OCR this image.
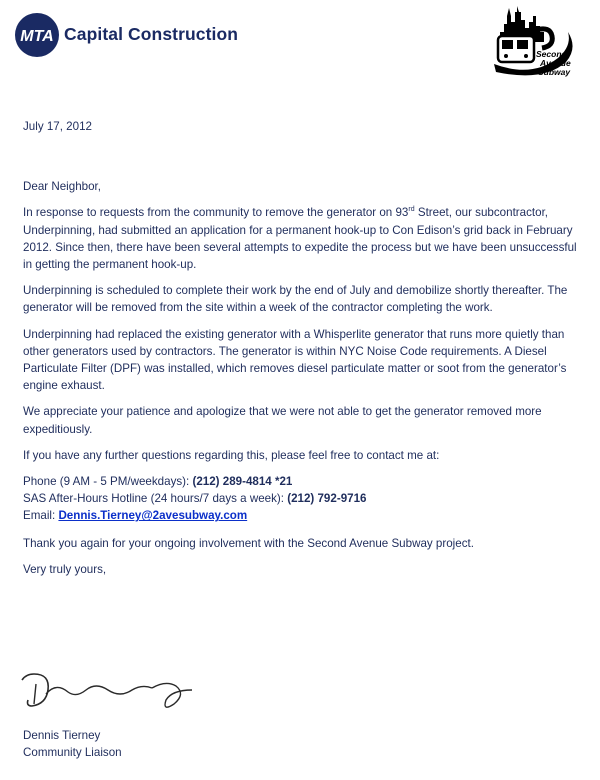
MTA Capital Construction
Second
Avenue
Subway

July 17, 2012

Dear Neighbor,

In response to requests from the community to remove the generator on 93rd Street, our subcontractor, Underpinning, had submitted an application for a permanent hook-up to Con Edison’s grid back in February 2012. Since then, there have been several attempts to expedite the process but we have been unsuccessful in getting the permanent hook-up.

Underpinning is scheduled to complete their work by the end of July and demobilize shortly thereafter. The generator will be removed from the site within a week of the contractor completing the work.

Underpinning had replaced the existing generator with a Whisperlite generator that runs more quietly than other generators used by contractors. The generator is within NYC Noise Code requirements. A Diesel Particulate Filter (DPF) was installed, which removes diesel particulate matter or soot from the generator’s engine exhaust.

We appreciate your patience and apologize that we were not able to get the generator removed more expeditiously.

If you have any further questions regarding this, please feel free to contact me at:

Phone (9 AM - 5 PM/weekdays): (212) 289-4814 *21

SAS After-Hours Hotline (24 hours/7 days a week): (212) 792-9716

Email: Dennis.Tierney@2avesubway.com

Thank you again for your ongoing involvement with the Second Avenue Subway project.

Very truly yours,

Dennis Tierney
Community Liaison
